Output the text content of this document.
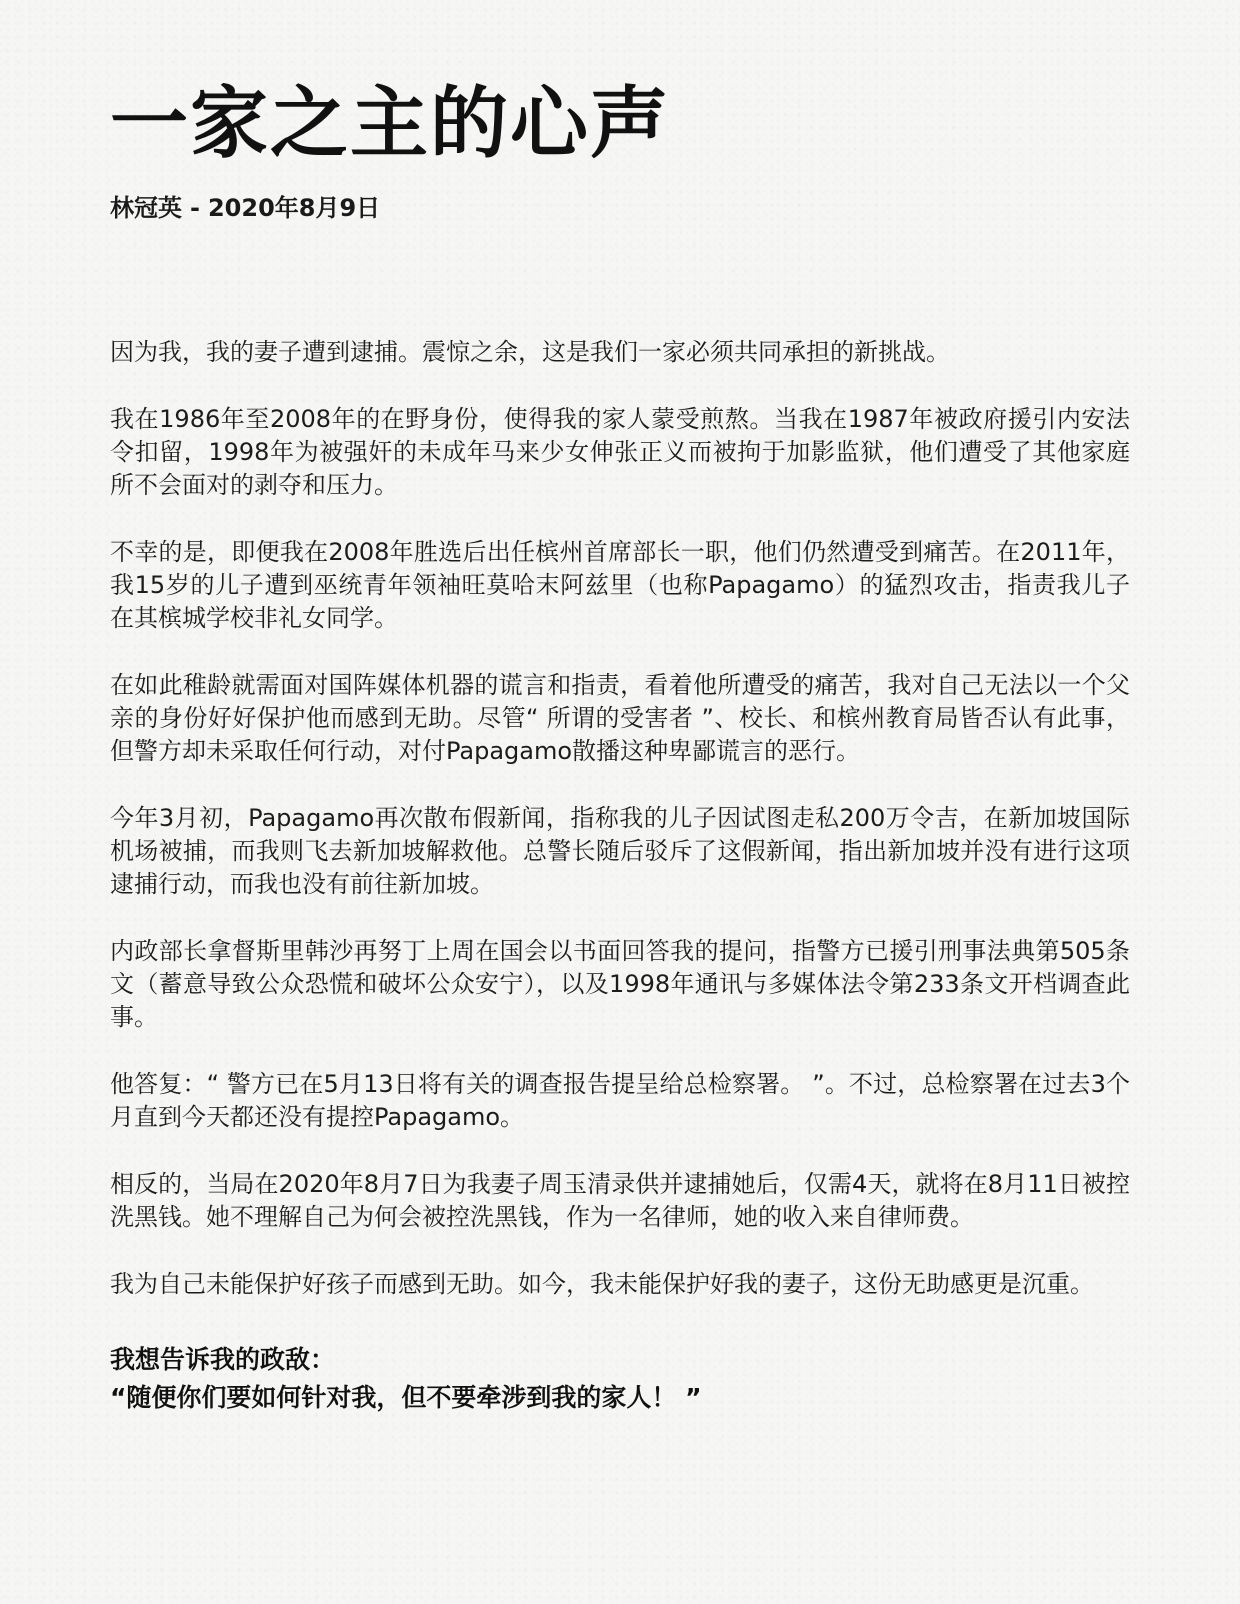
一家之主的心声
林冠英 - 2020年8月9日

因为我，我的妻子遭到逮捕。震惊之余，这是我们一家必须共同承担的新挑战。

我在1986年至2008年的在野身份，使得我的家人蒙受煎熬。当我在1987年被政府援引内安法令扣留，1998年为被强奸的未成年马来少女伸张正义而被拘于加影监狱，他们遭受了其他家庭所不会面对的剥夺和压力。

不幸的是，即便我在2008年胜选后出任槟州首席部长一职，他们仍然遭受到痛苦。在2011年，我15岁的儿子遭到巫统青年领袖旺莫哈末阿兹里（也称Papagamo）的猛烈攻击，指责我儿子在其槟城学校非礼女同学。

在如此稚龄就需面对国阵媒体机器的谎言和指责，看着他所遭受的痛苦，我对自己无法以一个父亲的身份好好保护他而感到无助。尽管“ 所谓的受害者 ”、校长、和槟州教育局皆否认有此事，但警方却未采取任何行动，对付Papagamo散播这种卑鄙谎言的恶行。

今年3月初，Papagamo再次散布假新闻，指称我的儿子因试图走私200万令吉，在新加坡国际机场被捕，而我则飞去新加坡解救他。总警长随后驳斥了这假新闻，指出新加坡并没有进行这项逮捕行动，而我也没有前往新加坡。

内政部长拿督斯里韩沙再努丁上周在国会以书面回答我的提问，指警方已援引刑事法典第505条文（蓄意导致公众恐慌和破坏公众安宁），以及1998年通讯与多媒体法令第233条文开档调查此事。

他答复：“ 警方已在5月13日将有关的调查报告提呈给总检察署。 ”。不过，总检察署在过去3个月直到今天都还没有提控Papagamo。

相反的，当局在2020年8月7日为我妻子周玉清录供并逮捕她后，仅需4天，就将在8月11日被控洗黑钱。她不理解自己为何会被控洗黑钱，作为一名律师，她的收入来自律师费。

我为自己未能保护好孩子而感到无助。如今，我未能保护好我的妻子，这份无助感更是沉重。

我想告诉我的政敌：
“随便你们要如何针对我，但不要牵涉到我的家人！ ”
